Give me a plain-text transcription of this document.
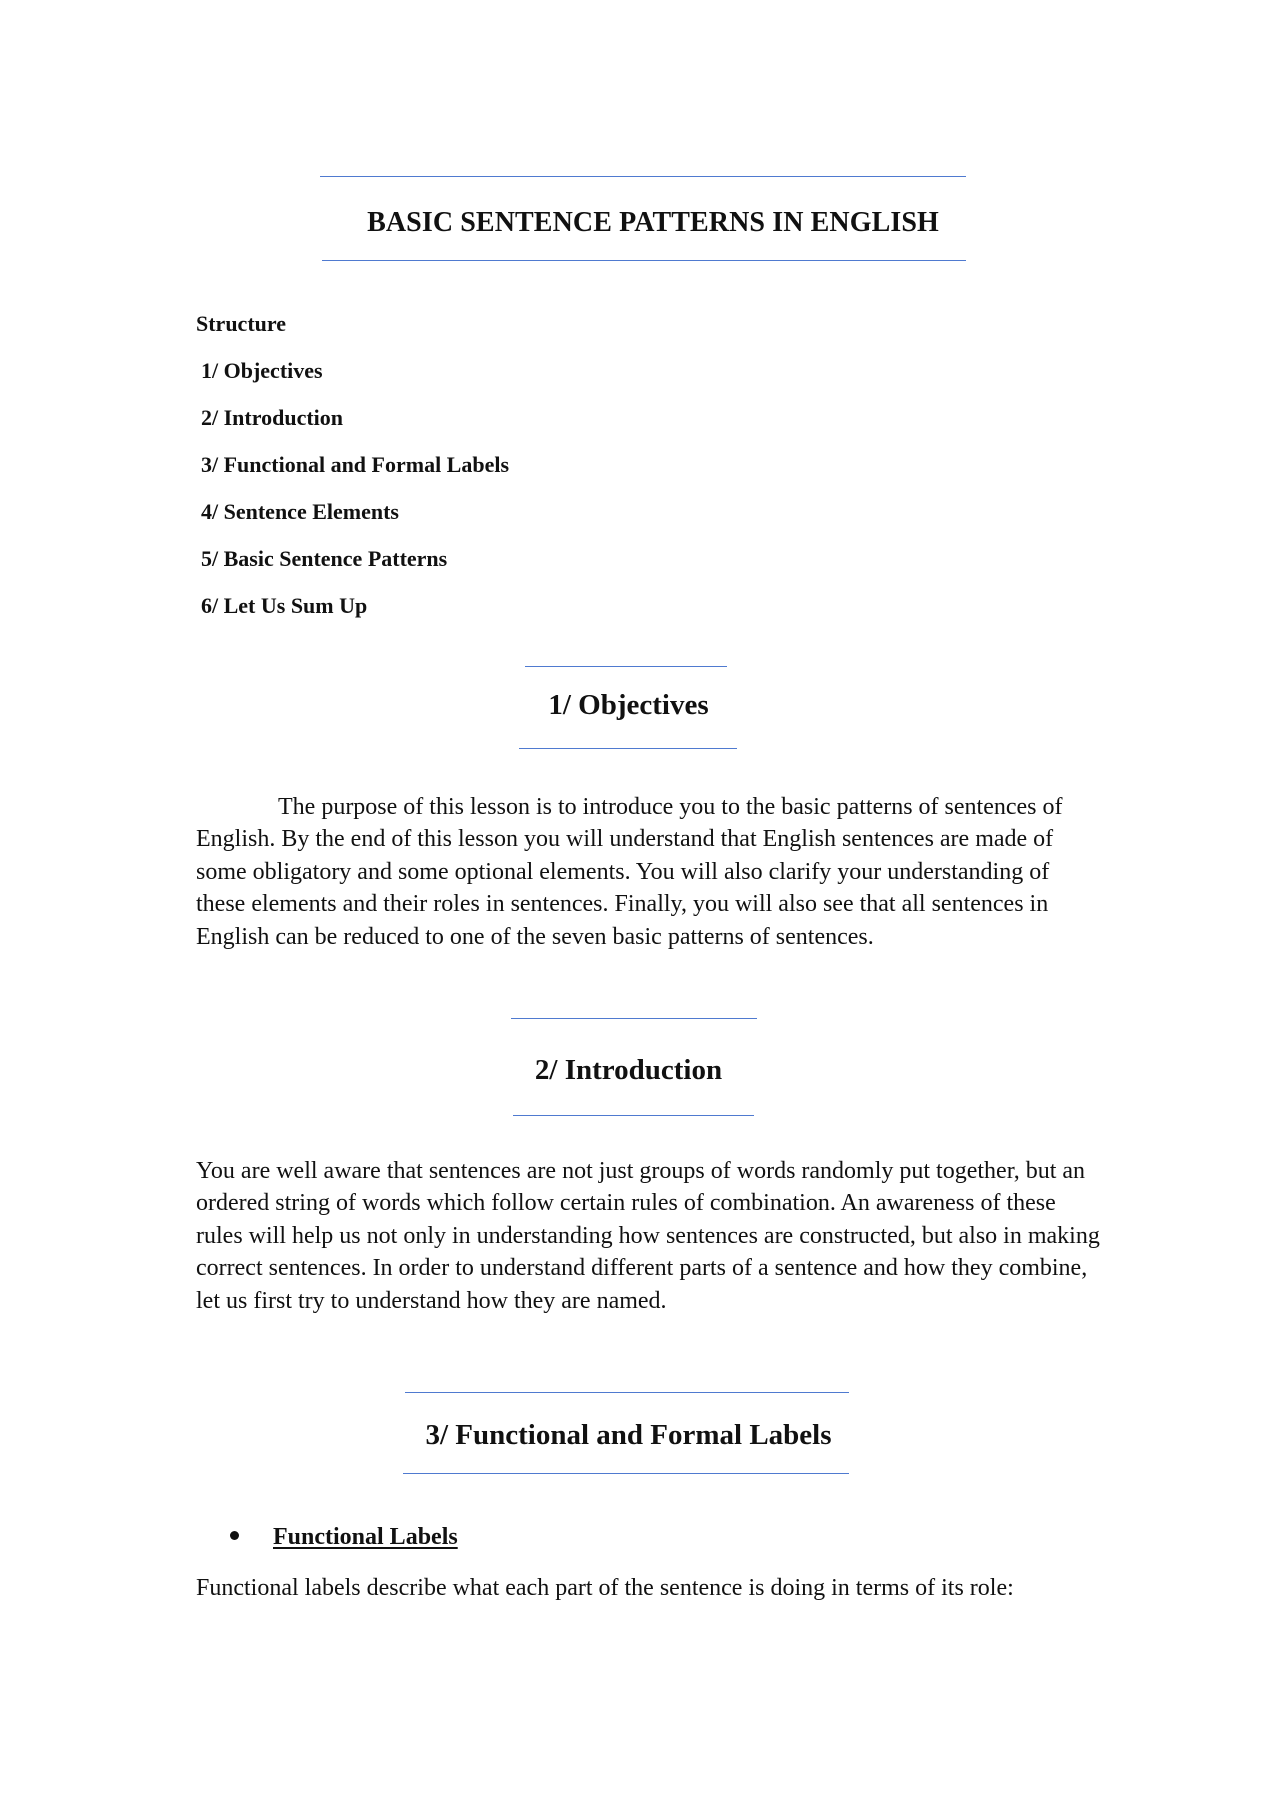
BASIC SENTENCE PATTERNS IN ENGLISH
Structure
1/ Objectives
2/ Introduction
3/ Functional and Formal Labels
4/ Sentence Elements
5/ Basic Sentence Patterns
6/ Let Us Sum Up
1/ Objectives

The purpose of this lesson is to introduce you to the basic patterns of sentences of English. By the end of this lesson you will understand that English sentences are made of some obligatory and some optional elements. You will also clarify your understanding of these elements and their roles in sentences. Finally, you will also see that all sentences in English can be reduced to one of the seven basic patterns of sentences.

2/ Introduction

You are well aware that sentences are not just groups of words randomly put together, but an ordered string of words which follow certain rules of combination. An awareness of these rules will help us not only in understanding how sentences are constructed, but also in making correct sentences. In order to understand different parts of a sentence and how they combine, let us first try to understand how they are named.

3/ Functional and Formal Labels
Functional Labels

Functional labels describe what each part of the sentence is doing in terms of its role:
